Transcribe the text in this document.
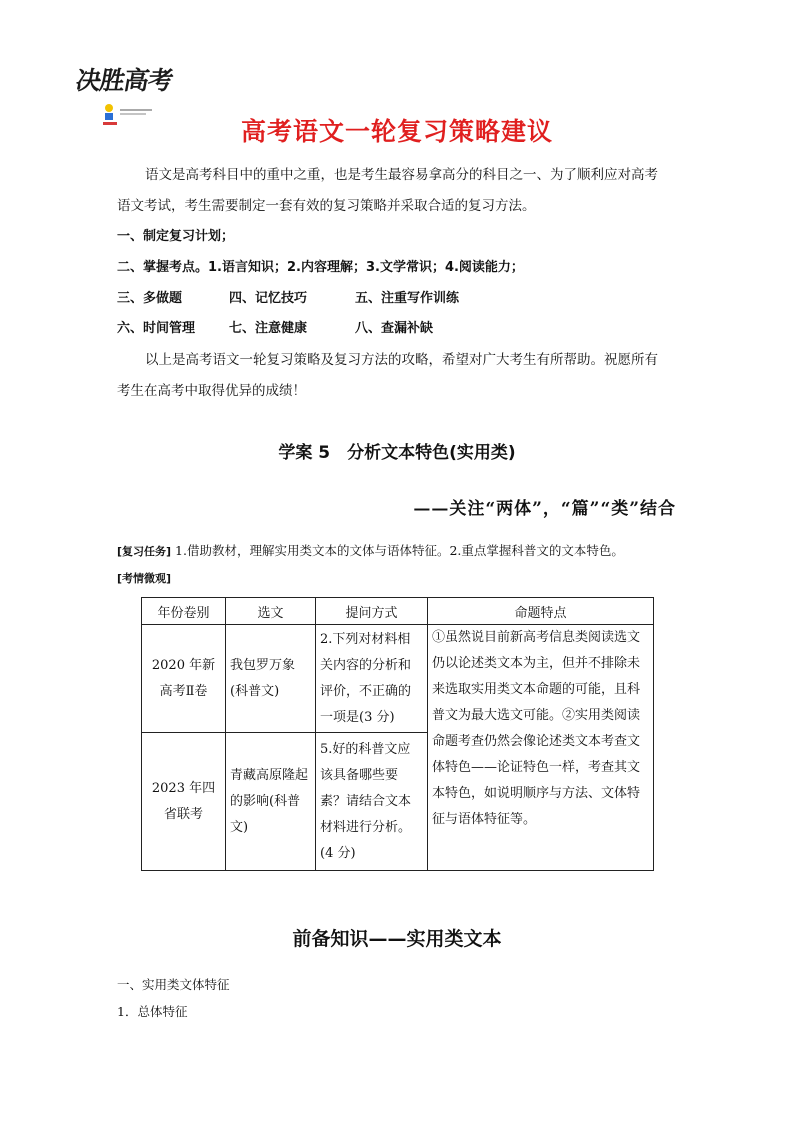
决胜高考
高考语文一轮复习策略建议
语文是高考科目中的重中之重，也是考生最容易拿高分的科目之一、为了顺利应对高考
语文考试，考生需要制定一套有效的复习策略并采取合适的复习方法。
一、制定复习计划；
二、掌握考点。1.语言知识；2.内容理解；3.文学常识；4.阅读能力；
三、多做题	四、记忆技巧	五、注重写作训练
六、时间管理	七、注意健康	八、查漏补缺
以上是高考语文一轮复习策略及复习方法的攻略，希望对广大考生有所帮助。祝愿所有
考生在高考中取得优异的成绩！
学案 5　分析文本特色(实用类)
——关注“两体”，“篇”“类”结合
[复习任务] 1.借助教材，理解实用类文本的文体与语体特征。2.重点掌握科普文的文本特色。
[考情微观]
年份卷别	选文	提问方式	命题特点
2020 年新高考Ⅱ卷	我包罗万象(科普文)	2.下列对材料相关内容的分析和评价，不正确的一项是(3 分)	①虽然说目前新高考信息类阅读选文仍以论述类文本为主，但并不排除未来选取实用类文本命题的可能，且科普文为最大选文可能。②实用类阅读命题考查仍然会像论述类文本考查文体特色——论证特色一样，考查其文本特色，如说明顺序与方法、文体特征与语体特征等。
2023 年四省联考	青藏高原隆起的影响(科普文)	5.好的科普文应该具备哪些要素？请结合文本材料进行分析。(4 分)	
前备知识——实用类文本
一、实用类文体特征
1．总体特征
